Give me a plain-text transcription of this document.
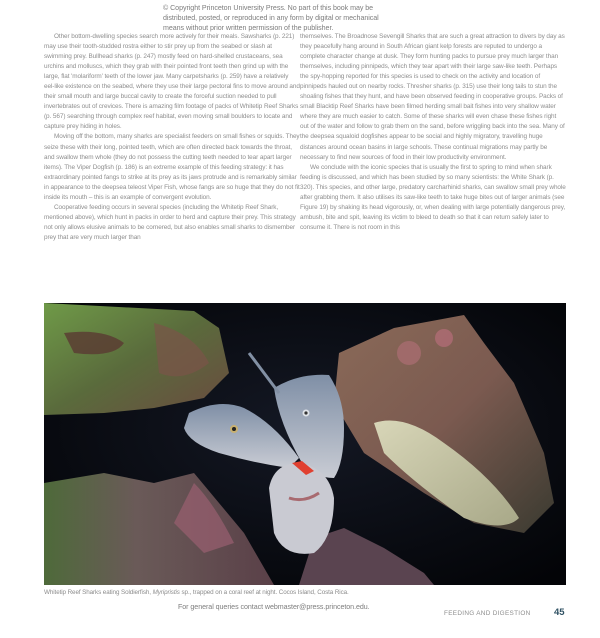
© Copyright Princeton University Press. No part of this book may be
distributed, posted, or reproduced in any form by digital or mechanical
means without prior written permission of the publisher.

Other bottom-dwelling species search more actively for their meals. Sawsharks (p. 221) may use their tooth-studded rostra either to stir prey up from the seabed or slash at swimming prey. Bullhead sharks (p. 247) mostly feed on hard-shelled crustaceans, sea urchins and molluscs, which they grab with their pointed front teeth then grind up with the large, flat 'molariform' teeth of the lower jaw. Many carpetsharks (p. 259) have a relatively eel-like existence on the seabed, where they use their large pectoral fins to move around and their small mouth and large buccal cavity to create the forceful suction needed to pull invertebrates out of crevices. There is amazing film footage of packs of Whitetip Reef Sharks (p. 567) searching through complex reef habitat, even moving small boulders to locate and capture prey hiding in holes.

Moving off the bottom, many sharks are specialist feeders on small fishes or squids. They seize these with their long, pointed teeth, which are often directed back towards the throat, and swallow them whole (they do not possess the cutting teeth needed to tear apart larger items). The Viper Dogfish (p. 186) is an extreme example of this feeding strategy: it has extraordinary pointed fangs to strike at its prey as its jaws protrude and is remarkably similar in appearance to the deepsea teleost Viper Fish, whose fangs are so huge that they do not fit inside its mouth – this is an example of convergent evolution.

Cooperative feeding occurs in several species (including the Whitetip Reef Shark, mentioned above), which hunt in packs in order to herd and capture their prey. This strategy not only allows elusive animals to be cornered, but also enables small sharks to dismember prey that are very much larger than

themselves. The Broadnose Sevengill Sharks that are such a great attraction to divers by day as they peacefully hang around in South African giant kelp forests are reputed to undergo a complete character change at dusk. They form hunting packs to pursue prey much larger than themselves, including pinnipeds, which they tear apart with their large saw-like teeth. Perhaps the spy-hopping reported for this species is used to check on the activity and location of pinnipeds hauled out on nearby rocks. Thresher sharks (p. 315) use their long tails to stun the shoaling fishes that they hunt, and have been observed feeding in cooperative groups. Packs of small Blacktip Reef Sharks have been filmed herding small bait fishes into very shallow water where they are much easier to catch. Some of these sharks will even chase these fishes right out of the water and follow to grab them on the sand, before wriggling back into the sea. Many of the deepsea squaloid dogfishes appear to be social and highly migratory, travelling huge distances around ocean basins in large schools. These continual migrations may partly be necessary to find new sources of food in their low productivity environment.

We conclude with the iconic species that is usually the first to spring to mind when shark feeding is discussed, and which has been studied by so many scientists: the White Shark (p. 320). This species, and other large, predatory carcharhinid sharks, can swallow small prey whole after grabbing them. It also utilises its saw-like teeth to take huge bites out of larger animals (see Figure 19) by shaking its head vigorously, or, when dealing with large potentially dangerous prey, ambush, bite and spit, leaving its victim to bleed to death so that it can return safely later to consume it. There is not room in this

Whitetip Reef Sharks eating Soldierfish, Myripristis sp., trapped on a coral reef at night. Cocos Island, Costa Rica.
For general queries contact webmaster@press.princeton.edu.
FEEDING AND DIGESTION 45
